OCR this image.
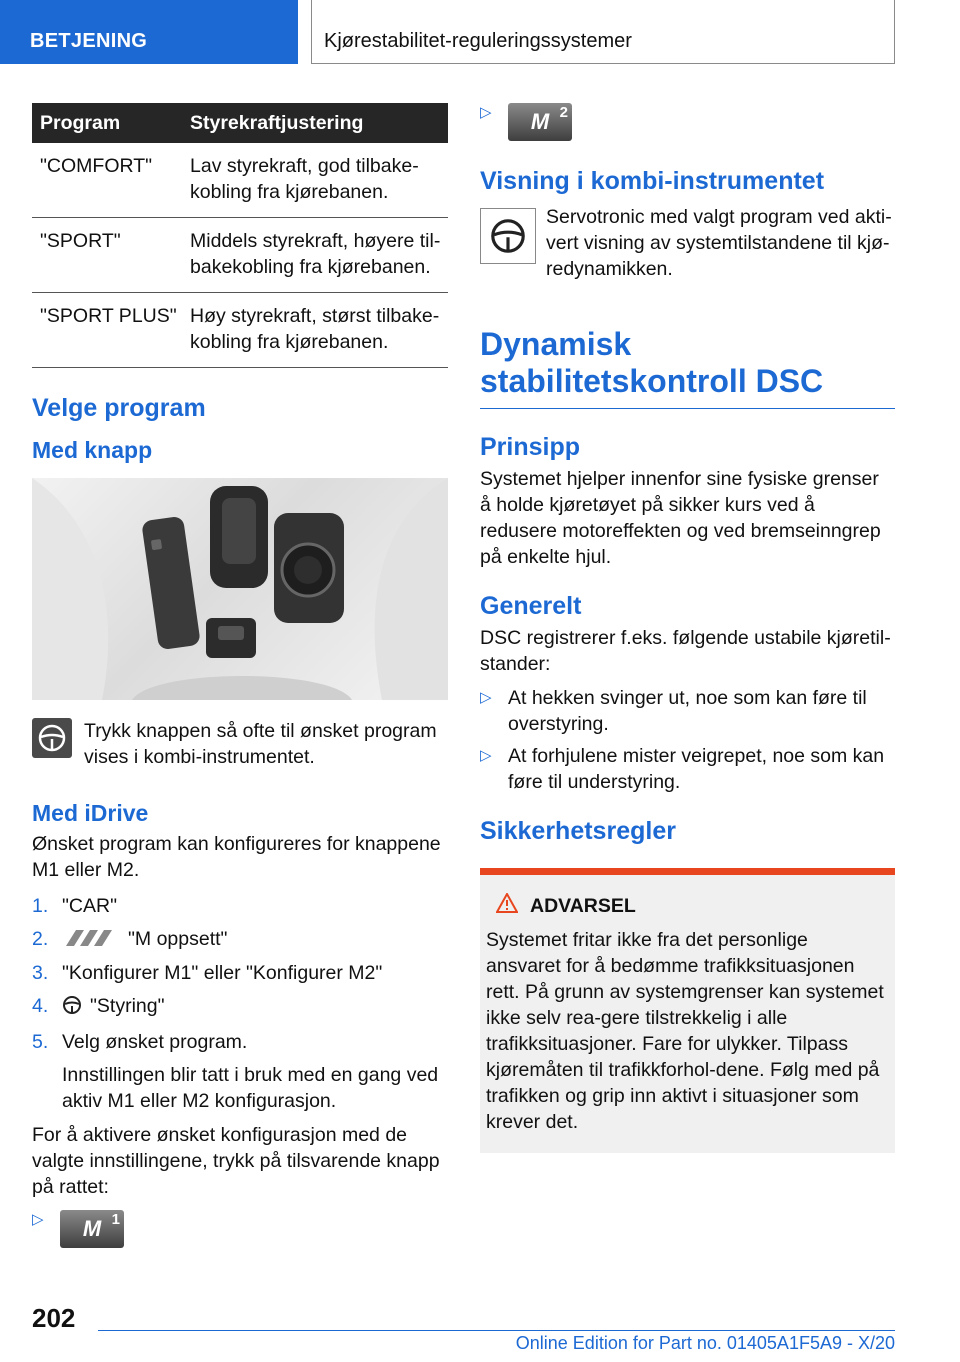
BETJENING	Kjørestabilitet-reguleringssystemer
Program	Styrekraftjustering
"COMFORT"	Lav styrekraft, god tilbake-kobling fra kjørebanen.
"SPORT"	Middels styrekraft, høyere til-bakekobling fra kjørebanen.
"SPORT PLUS"	Høy styrekraft, størst tilbake-kobling fra kjørebanen.
Velge program
Med knapp

Trykk knappen så ofte til ønsket program vises i kombi-instrumentet.

Med iDrive

Ønsket program kan konfigureres for knappene M1 eller M2.

1. "CAR"
2.	"M oppsett"
3. "Konfigurer M1" eller "Konfigurer M2"
4. "Styring"
5. Velg ønsket program.

Innstillingen blir tatt i bruk med en gang ved aktiv M1 eller M2 konfigurasjon.

For å aktivere ønsket konfigurasjon med de valgte innstillingene, trykk på tilsvarende knapp på rattet:

▷	M $^1$
▷	M $^2$
Visning i kombi-instrumentet

Servotronic med valgt program ved akti-vert visning av systemtilstandene til kjø-redynamikken.

Dynamisk stabilitetskontroll DSC
Prinsipp

Systemet hjelper innenfor sine fysiske grenser å holde kjøretøyet på sikker kurs ved å redusere motoreffekten og ved bremseinngrep på enkelte hjul.

Generelt

DSC registrerer f.eks. følgende ustabile kjøretil-stander:

▷ At hekken svinger ut, noe som kan føre til overstyring.
▷ At forhjulene mister veigrepet, noe som kan føre til understyring.
Sikkerhetsregler
ADVARSEL

Systemet fritar ikke fra det personlige ansvaret for å bedømme trafikksituasjonen rett. På grunn av systemgrenser kan systemet ikke selv rea-gere tilstrekkelig i alle trafikksituasjoner. Fare for ulykker. Tilpass kjøremåten til trafikkforhol-dene. Følg med på trafikken og grip inn aktivt i situasjoner som krever det.

202
Online Edition for Part no. 01405A1F5A9 - X/20
